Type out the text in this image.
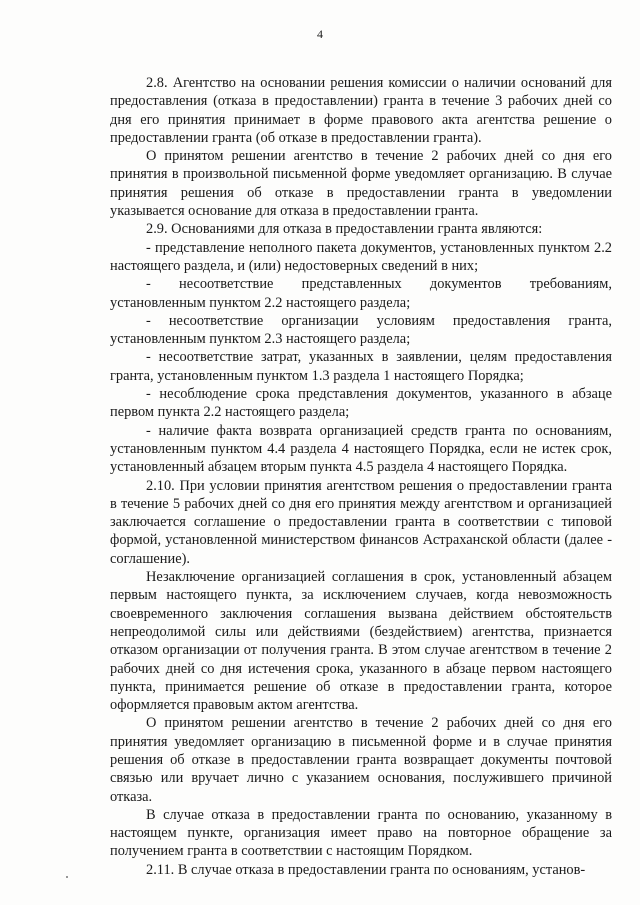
4

2.8. Агентство на основании решения комиссии о наличии оснований для предоставления (отказа в предоставлении) гранта в течение 3 рабочих дней со дня его принятия принимает в форме правового акта агентства решение о предоставлении гранта (об отказе в предоставлении гранта).

О принятом решении агентство в течение 2 рабочих дней со дня его принятия в произвольной письменной форме уведомляет организацию. В случае принятия решения об отказе в предоставлении гранта в уведомлении указывается основание для отказа в предоставлении гранта.

2.9. Основаниями для отказа в предоставлении гранта являются:

- представление неполного пакета документов, установленных пунктом 2.2 настоящего раздела, и (или) недостоверных сведений в них;

- несоответствие представленных документов требованиям, установленным пунктом 2.2 настоящего раздела;

- несоответствие организации условиям предоставления гранта, установленным пунктом 2.3 настоящего раздела;

- несоответствие затрат, указанных в заявлении, целям предоставления гранта, установленным пунктом 1.3 раздела 1 настоящего Порядка;

- несоблюдение срока представления документов, указанного в абзаце первом пункта 2.2 настоящего раздела;

- наличие факта возврата организацией средств гранта по основаниям, установленным пунктом 4.4 раздела 4 настоящего Порядка, если не истек срок, установленный абзацем вторым пункта 4.5 раздела 4 настоящего Порядка.

2.10. При условии принятия агентством решения о предоставлении гранта в течение 5 рабочих дней со дня его принятия между агентством и организацией заключается соглашение о предоставлении гранта в соответствии с типовой формой, установленной министерством финансов Астраханской области (далее - соглашение).

Незаключение организацией соглашения в срок, установленный абзацем первым настоящего пункта, за исключением случаев, когда невозможность своевременного заключения соглашения вызвана действием обстоятельств непреодолимой силы или действиями (бездействием) агентства, признается отказом организации от получения гранта. В этом случае агентством в течение 2 рабочих дней со дня истечения срока, указанного в абзаце первом настоящего пункта, принимается решение об отказе в предоставлении гранта, которое оформляется правовым актом агентства.

О принятом решении агентство в течение 2 рабочих дней со дня его принятия уведомляет организацию в письменной форме и в случае принятия решения об отказе в предоставлении гранта возвращает документы почтовой связью или вручает лично с указанием основания, послужившего причиной отказа.

В случае отказа в предоставлении гранта по основанию, указанному в настоящем пункте, организация имеет право на повторное обращение за получением гранта в соответствии с настоящим Порядком.

2.11. В случае отказа в предоставлении гранта по основаниям, установ-
